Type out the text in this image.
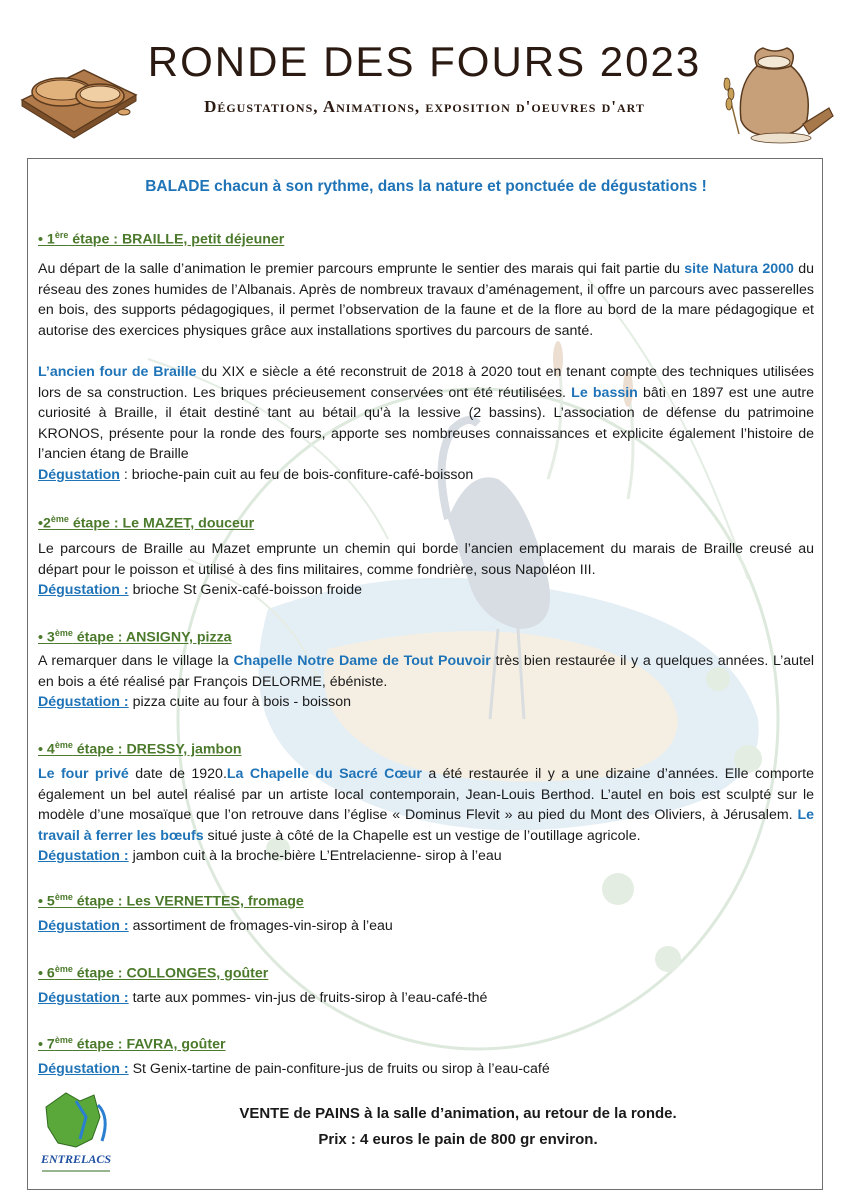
RONDE DES FOURS 2023
Dégustations, Animations, exposition d'oeuvres d'art
BALADE chacun à son rythme, dans la nature et ponctuée de dégustations !
• 1ère étape : BRAILLE, petit déjeuner
Au départ de la salle d’animation le premier parcours emprunte le sentier des marais qui fait partie du site Natura 2000 du réseau des zones humides de l’Albanais. Après de nombreux travaux d’aménagement, il offre un parcours avec passerelles en bois, des supports pédagogiques, il permet l’observation de la faune et de la flore au bord de la mare pédagogique et autorise des exercices physiques grâce aux installations sportives du parcours de santé.
L’ancien four de Braille du XIX e siècle a été reconstruit de 2018 à 2020 tout en tenant compte des techniques utilisées lors de sa construction. Les briques précieusement conservées ont été réutilisées. Le bassin bâti en 1897 est une autre curiosité à Braille, il était destiné tant au bétail qu’à la lessive (2 bassins). L’association de défense du patrimoine KRONOS, présente pour la ronde des fours, apporte ses nombreuses connaissances et explicite également l’histoire de l’ancien étang de Braille
Dégustation : brioche-pain cuit au feu de bois-confiture-café-boisson
•2ème étape : Le MAZET, douceur
Le parcours de Braille au Mazet emprunte un chemin qui borde l’ancien emplacement du marais de Braille creusé au départ pour le poisson et utilisé à des fins militaires, comme fondrière, sous Napoléon III.
Dégustation : brioche St Genix-café-boisson froide
• 3ème étape : ANSIGNY, pizza
A remarquer dans le village la Chapelle Notre Dame de Tout Pouvoir très bien restaurée il y a quelques années. L’autel en bois a été réalisé par François DELORME, ébéniste.
Dégustation : pizza cuite au four à bois - boisson
• 4ème étape : DRESSY, jambon
Le four privé date de 1920.La Chapelle du Sacré Cœur a été restaurée il y a une dizaine d’années. Elle comporte également un bel autel réalisé par un artiste local contemporain, Jean-Louis Berthod. L’autel en bois est sculpté sur le modèle d’une mosaïque que l’on retrouve dans l’église « Dominus Flevit » au pied du Mont des Oliviers, à Jérusalem. Le travail à ferrer les bœufs situé juste à côté de la Chapelle est un vestige de l’outillage agricole.
Dégustation : jambon cuit à la broche-bière L’Entrelacienne- sirop à l’eau
• 5ème étape : Les VERNETTES, fromage
Dégustation : assortiment de fromages-vin-sirop à l’eau
• 6ème étape : COLLONGES, goûter
Dégustation : tarte aux pommes- vin-jus de fruits-sirop à l’eau-café-thé
• 7ème étape : FAVRA, goûter
Dégustation : St Genix-tartine de pain-confiture-jus de fruits ou sirop à l’eau-café
ENTRELACS
VENTE de PAINS à la salle d’animation, au retour de la ronde.
Prix : 4 euros le pain de 800 gr environ.
